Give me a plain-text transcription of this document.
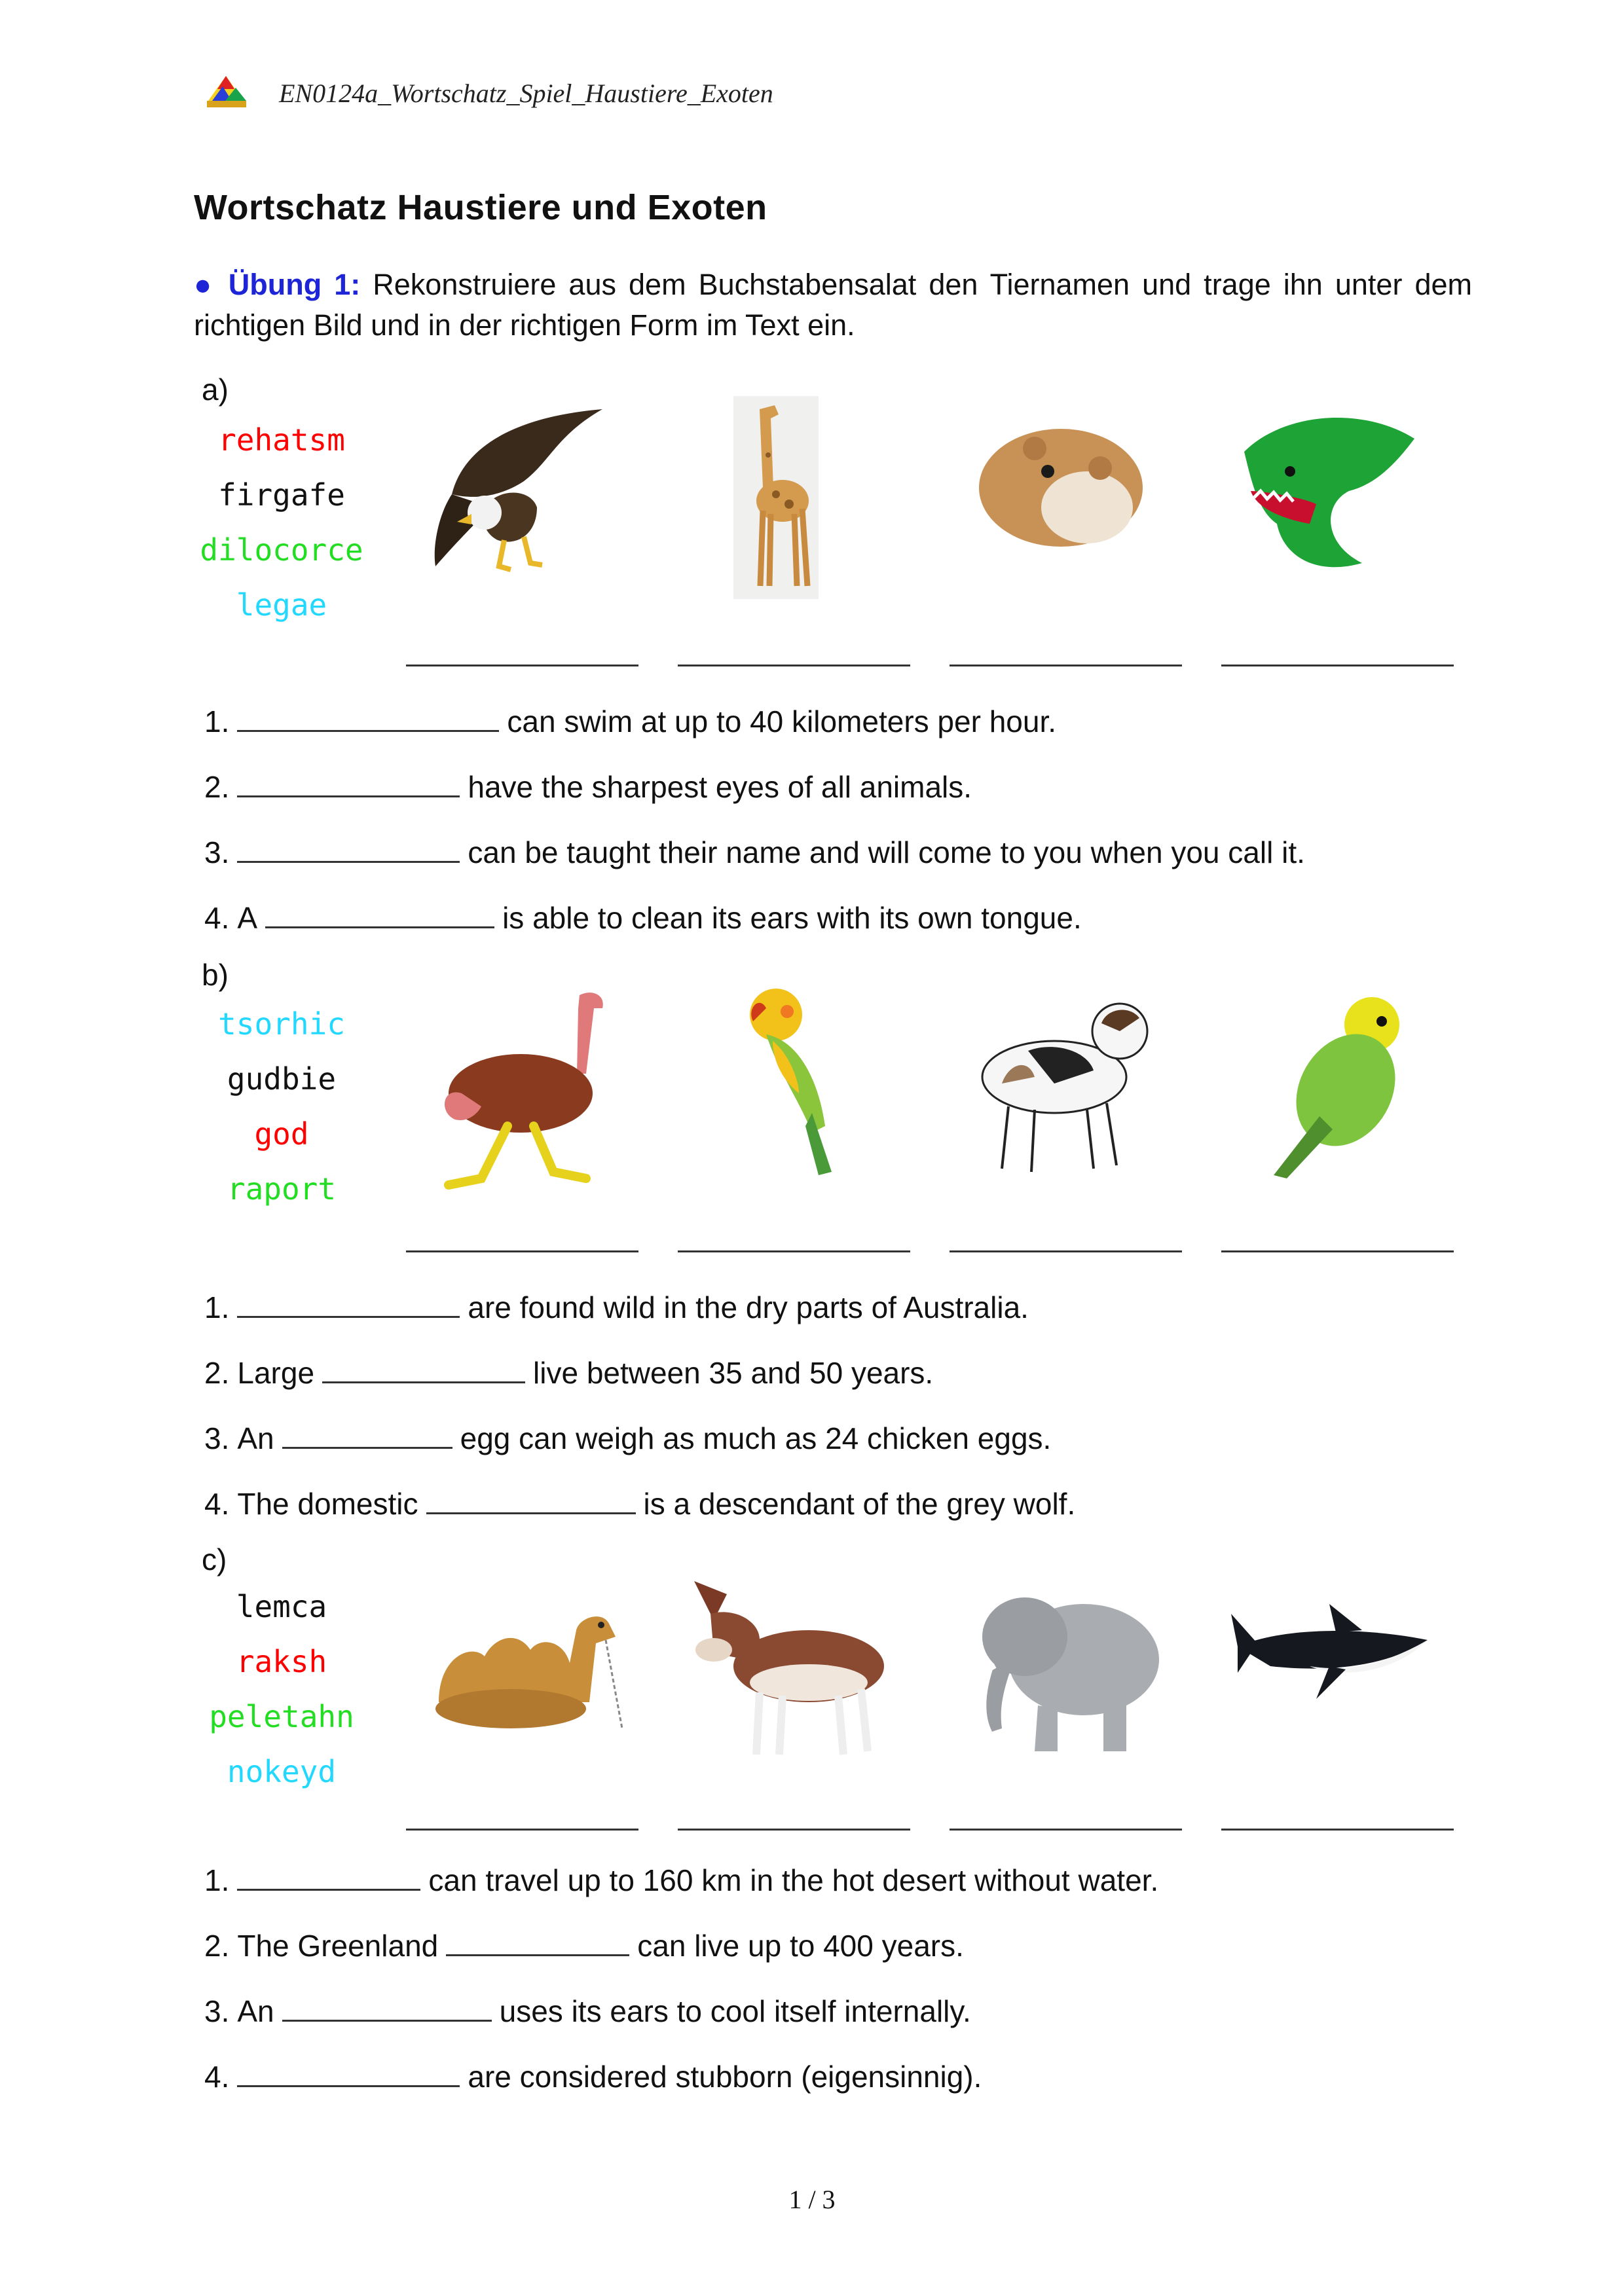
EN0124a_Wortschatz_Spiel_Haustiere_Exoten
Wortschatz Haustiere und Exoten
● Übung 1: Rekonstruiere aus dem Buchstabensalat den Tiernamen und trage ihn unter dem richtigen Bild und in der richtigen Form im Text ein.
a)
rehatsm
firgafe
dilocorce
legae
1.	can swim at up to 40 kilometers per hour.
2.	have the sharpest eyes of all animals.
3.	can be taught their name and will come to you when you call it.
4. A	is able to clean its ears with its own tongue.
b)
tsorhic
gudbie
god
raport
1.	are found wild in the dry parts of Australia.
2. Large	live between 35 and 50 years.
3. An	egg can weigh as much as 24 chicken eggs.
4. The domestic	is a descendant of the grey wolf.
c)
lemca
raksh
peletahn
nokeyd
1.	can travel up to 160 km in the hot desert without water.
2. The Greenland	can live up to 400 years.
3. An	uses its ears to cool itself internally.
4.	are considered stubborn (eigensinnig).
1 / 3
